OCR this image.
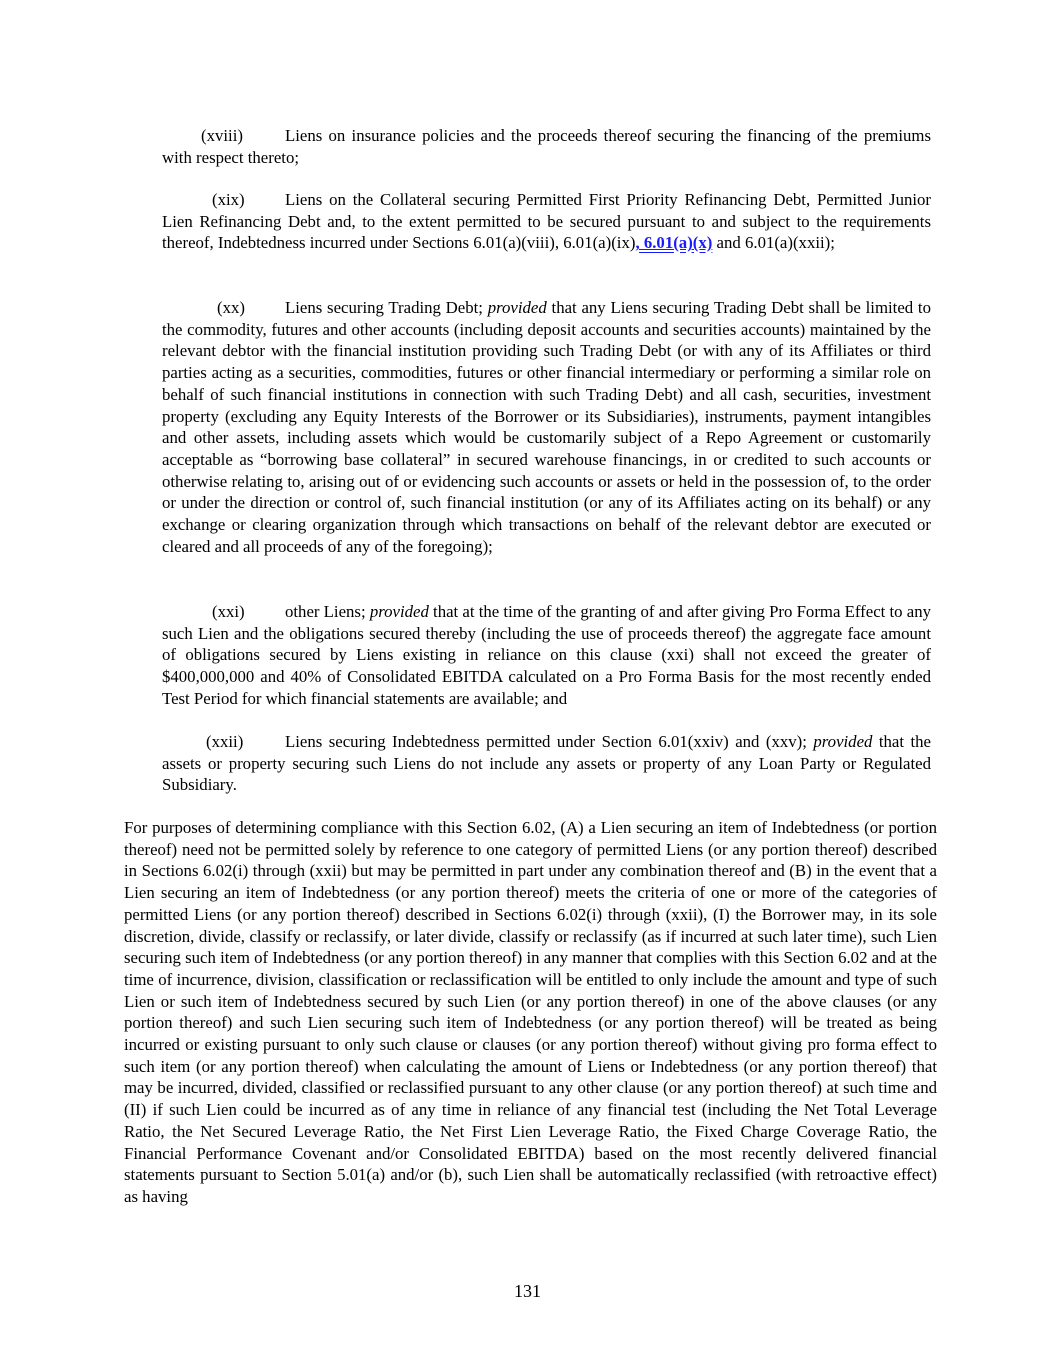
(xviii)	Liens on insurance policies and the proceeds thereof securing the financing of the premiums with respect thereto;
(xix) Liens on the Collateral securing Permitted First Priority Refinancing Debt, Permitted Junior Lien Refinancing Debt and, to the extent permitted to be secured pursuant to and subject to the requirements thereof, Indebtedness incurred under Sections 6.01(a)(viii), 6.01(a)(ix), 6.01(a)(x) and 6.01(a)(xxii);
(xx) Liens securing Trading Debt; provided that any Liens securing Trading Debt shall be limited to the commodity, futures and other accounts (including deposit accounts and securities accounts) maintained by the relevant debtor with the financial institution providing such Trading Debt (or with any of its Affiliates or third parties acting as a securities, commodities, futures or other financial intermediary or performing a similar role on behalf of such financial institutions in connection with such Trading Debt) and all cash, securities, investment property (excluding any Equity Interests of the Borrower or its Subsidiaries), instruments, payment intangibles and other assets, including assets which would be customarily subject of a Repo Agreement or customarily acceptable as “borrowing base collateral” in secured warehouse financings, in or credited to such accounts or otherwise relating to, arising out of or evidencing such accounts or assets or held in the possession of, to the order or under the direction or control of, such financial institution (or any of its Affiliates acting on its behalf) or any exchange or clearing organization through which transactions on behalf of the relevant debtor are executed or cleared and all proceeds of any of the foregoing);
(xxi) other Liens; provided that at the time of the granting of and after giving Pro Forma Effect to any such Lien and the obligations secured thereby (including the use of proceeds thereof) the aggregate face amount of obligations secured by Liens existing in reliance on this clause (xxi) shall not exceed the greater of $400,000,000 and 40% of Consolidated EBITDA calculated on a Pro Forma Basis for the most recently ended Test Period for which financial statements are available; and
(xxii) Liens securing Indebtedness permitted under Section 6.01(xxiv) and (xxv); provided that the assets or property securing such Liens do not include any assets or property of any Loan Party or Regulated Subsidiary.
For purposes of determining compliance with this Section 6.02, (A) a Lien securing an item of Indebtedness (or portion thereof) need not be permitted solely by reference to one category of permitted Liens (or any portion thereof) described in Sections 6.02(i) through (xxii) but may be permitted in part under any combination thereof and (B) in the event that a Lien securing an item of Indebtedness (or any portion thereof) meets the criteria of one or more of the categories of permitted Liens (or any portion thereof) described in Sections 6.02(i) through (xxii), (I) the Borrower may, in its sole discretion, divide, classify or reclassify, or later divide, classify or reclassify (as if incurred at such later time), such Lien securing such item of Indebtedness (or any portion thereof) in any manner that complies with this Section 6.02 and at the time of incurrence, division, classification or reclassification will be entitled to only include the amount and type of such Lien or such item of Indebtedness secured by such Lien (or any portion thereof) in one of the above clauses (or any portion thereof) and such Lien securing such item of Indebtedness (or any portion thereof) will be treated as being incurred or existing pursuant to only such clause or clauses (or any portion thereof) without giving pro forma effect to such item (or any portion thereof) when calculating the amount of Liens or Indebtedness (or any portion thereof) that may be incurred, divided, classified or reclassified pursuant to any other clause (or any portion thereof) at such time and (II) if such Lien could be incurred as of any time in reliance of any financial test (including the Net Total Leverage Ratio, the Net Secured Leverage Ratio, the Net First Lien Leverage Ratio, the Fixed Charge Coverage Ratio, the Financial Performance Covenant and/or Consolidated EBITDA) based on the most recently delivered financial statements pursuant to Section 5.01(a) and/or (b), such Lien shall be automatically reclassified (with retroactive effect) as having
131
